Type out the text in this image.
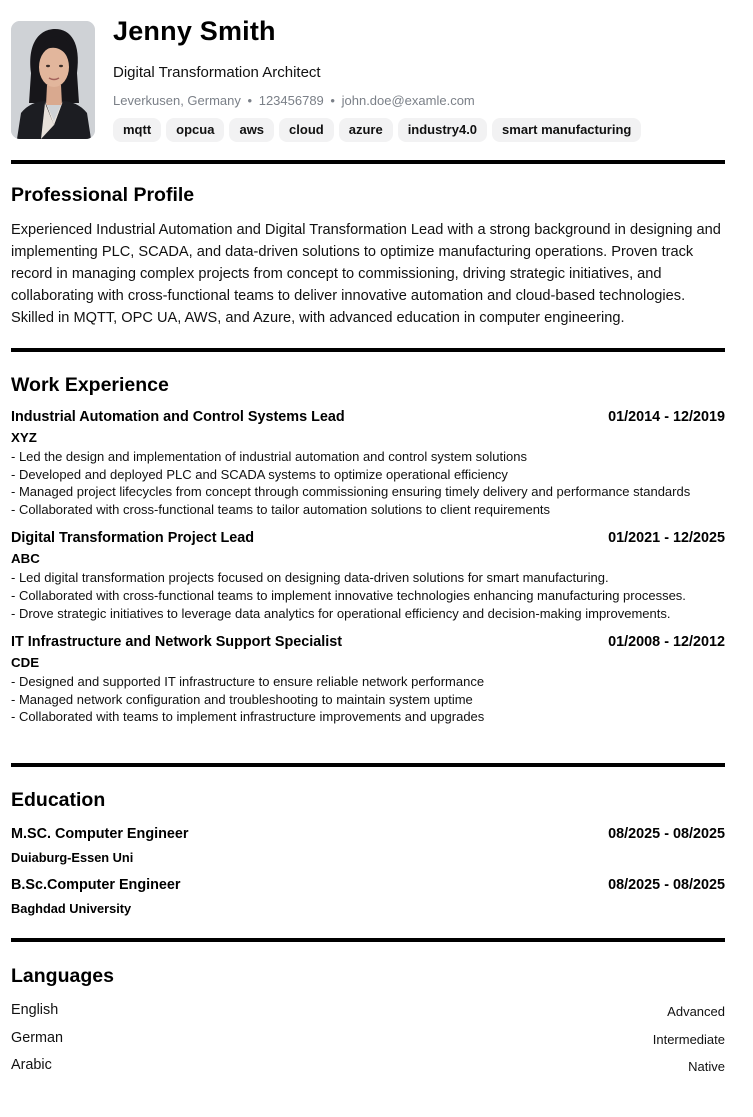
Jenny Smith
Digital Transformation Architect
Leverkusen, Germany • 123456789 • john.doe@examle.com
mqtt	opcua	aws	cloud	azure	industry4.0	smart manufacturing
Professional Profile

Experienced Industrial Automation and Digital Transformation Lead with a strong background in designing and implementing PLC, SCADA, and data-driven solutions to optimize manufacturing operations. Proven track record in managing complex projects from concept to commissioning, driving strategic initiatives, and collaborating with cross-functional teams to deliver innovative automation and cloud-based technologies. Skilled in MQTT, OPC UA, AWS, and Azure, with advanced education in computer engineering.

Work Experience
Industrial Automation and Control Systems Lead	01/2014 - 12/2019
XYZ
- Led the design and implementation of industrial automation and control system solutions
- Developed and deployed PLC and SCADA systems to optimize operational efficiency
- Managed project lifecycles from concept through commissioning ensuring timely delivery and performance standards
- Collaborated with cross-functional teams to tailor automation solutions to client requirements
Digital Transformation Project Lead	01/2021 - 12/2025
ABC
- Led digital transformation projects focused on designing data-driven solutions for smart manufacturing.
- Collaborated with cross-functional teams to implement innovative technologies enhancing manufacturing processes.
- Drove strategic initiatives to leverage data analytics for operational efficiency and decision-making improvements.
IT Infrastructure and Network Support Specialist	01/2008 - 12/2012
CDE
- Designed and supported IT infrastructure to ensure reliable network performance
- Managed network configuration and troubleshooting to maintain system uptime
- Collaborated with teams to implement infrastructure improvements and upgrades
Education
M.SC. Computer Engineer	08/2025 - 08/2025
Duiaburg-Essen Uni
B.Sc.Computer Engineer	08/2025 - 08/2025
Baghdad University
Languages
English	Advanced
German	Intermediate
Arabic	Native
